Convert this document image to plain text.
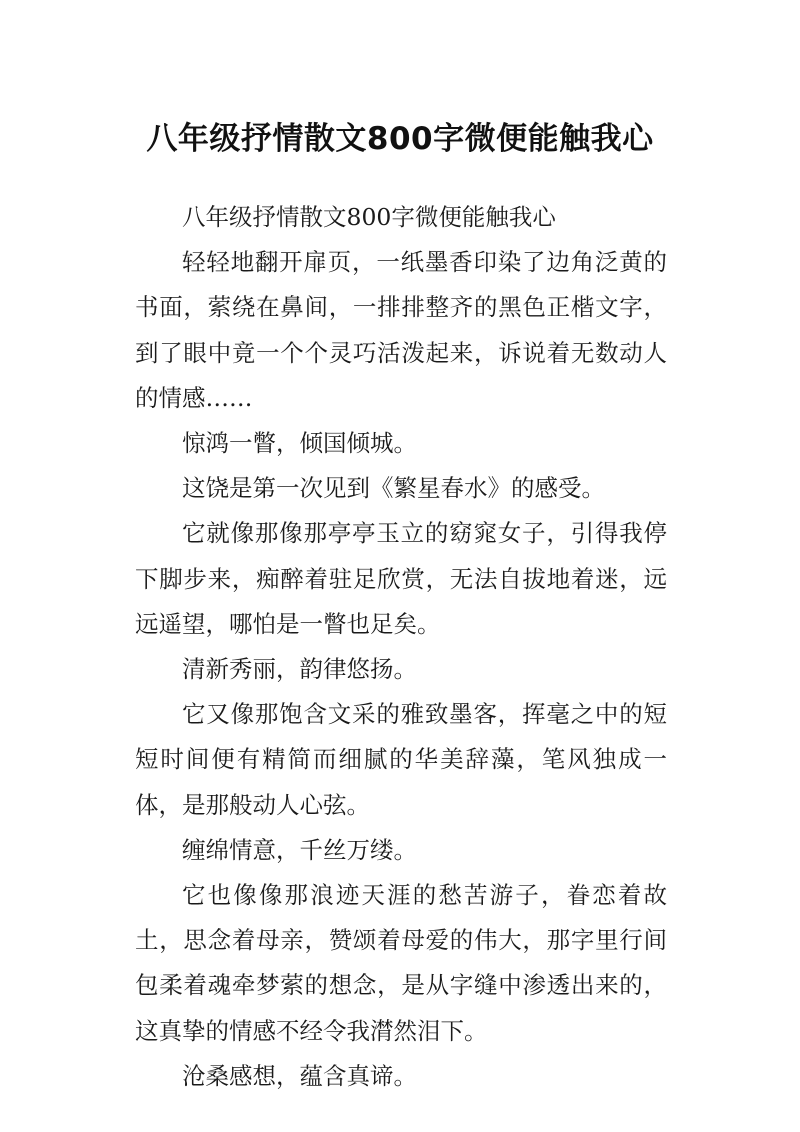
八年级抒情散文800字微便能触我心

八年级抒情散文800字微便能触我心

轻轻地翻开扉页，一纸墨香印染了边角泛黄的书面，萦绕在鼻间，一排排整齐的黑色正楷文字，到了眼中竟一个个灵巧活泼起来，诉说着无数动人的情感……

惊鸿一瞥，倾国倾城。

这饶是第一次见到《繁星春水》的感受。

它就像那像那亭亭玉立的窈窕女子，引得我停下脚步来，痴醉着驻足欣赏，无法自拔地着迷，远远遥望，哪怕是一瞥也足矣。

清新秀丽，韵律悠扬。

它又像那饱含文采的雅致墨客，挥毫之中的短短时间便有精简而细腻的华美辞藻，笔风独成一体，是那般动人心弦。

缠绵情意，千丝万缕。

它也像像那浪迹天涯的愁苦游子，眷恋着故土，思念着母亲，赞颂着母爱的伟大，那字里行间包柔着魂牵梦萦的想念，是从字缝中渗透出来的，这真挚的情感不经令我潸然泪下。

沧桑感想，蕴含真谛。
